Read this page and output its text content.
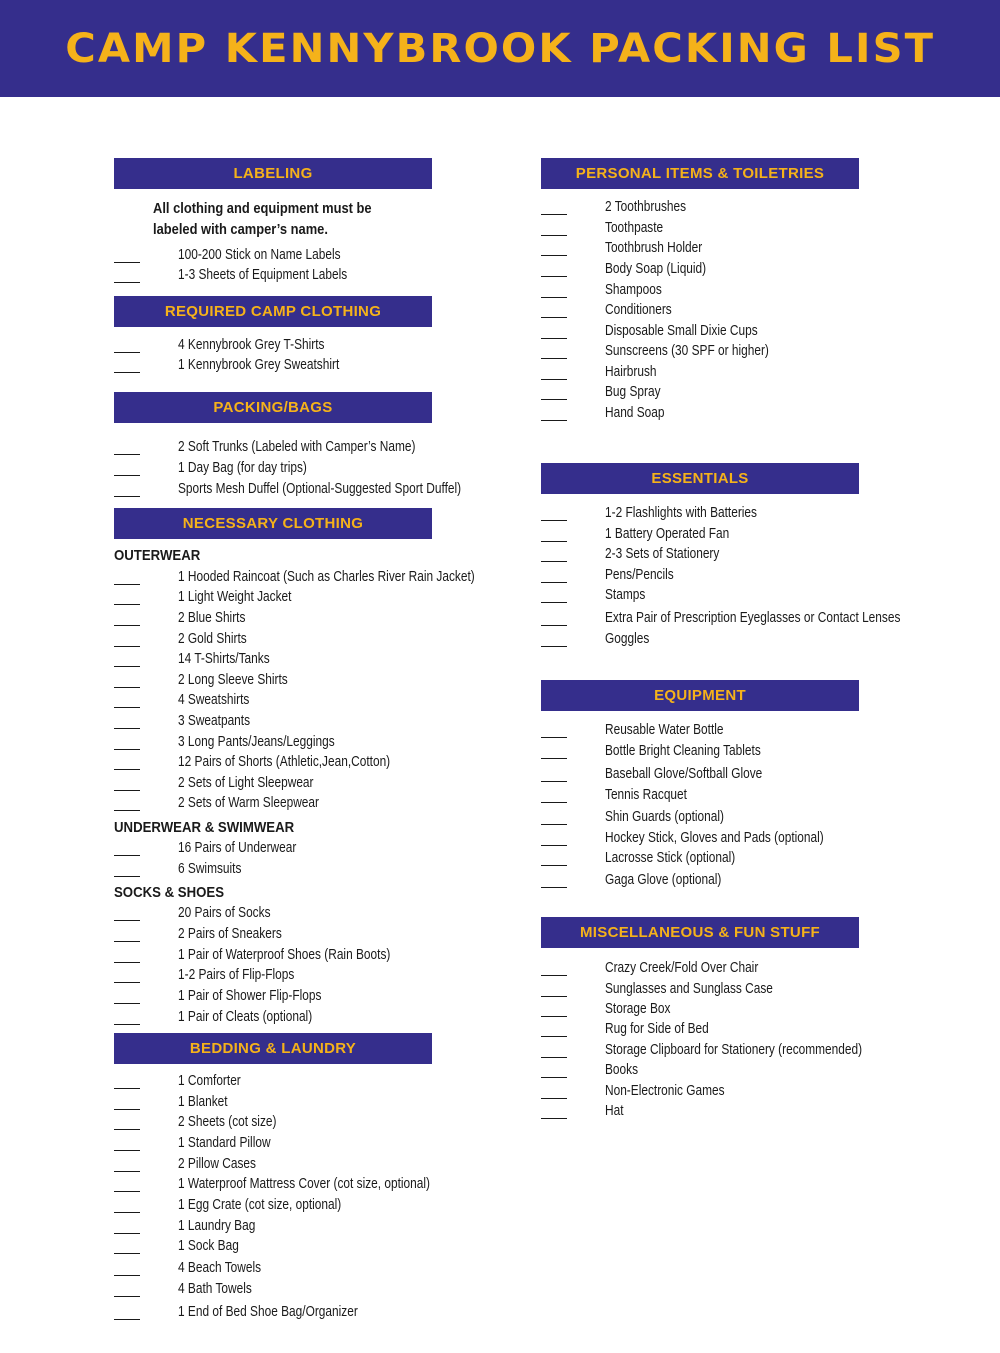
CAMP KENNYBROOK PACKING LIST
LABELING
All clothing and equipment must be labeled with camper’s name.
100-200 Stick on Name Labels
1-3 Sheets of Equipment Labels
REQUIRED CAMP CLOTHING
4 Kennybrook Grey T-Shirts
1 Kennybrook Grey Sweatshirt
PACKING/BAGS
2 Soft Trunks (Labeled with Camper’s Name)
1 Day Bag (for day trips)
Sports Mesh Duffel (Optional-Suggested Sport Duffel)
NECESSARY CLOTHING
OUTERWEAR
1 Hooded Raincoat (Such as Charles River Rain Jacket)
1 Light Weight Jacket
2 Blue Shirts
2 Gold Shirts
14 T-Shirts/Tanks
2 Long Sleeve Shirts
4 Sweatshirts
3 Sweatpants
3 Long Pants/Jeans/Leggings
12 Pairs of Shorts (Athletic,Jean,Cotton)
2 Sets of Light Sleepwear
2 Sets of Warm Sleepwear
UNDERWEAR & SWIMWEAR
16 Pairs of Underwear
6 Swimsuits
SOCKS & SHOES
20 Pairs of Socks
2 Pairs of Sneakers
1 Pair of Waterproof Shoes (Rain Boots)
1-2 Pairs of Flip-Flops
1 Pair of Shower Flip-Flops
1 Pair of Cleats (optional)
BEDDING & LAUNDRY
1 Comforter
1 Blanket
2 Sheets (cot size)
1 Standard Pillow
2 Pillow Cases
1 Waterproof Mattress Cover (cot size, optional)
1 Egg Crate (cot size, optional)
1 Laundry Bag
1 Sock Bag
4 Beach Towels
4 Bath Towels
1 End of Bed Shoe Bag/Organizer
PERSONAL ITEMS & TOILETRIES
2 Toothbrushes
Toothpaste
Toothbrush Holder
Body Soap (Liquid)
Shampoos
Conditioners
Disposable Small Dixie Cups
Sunscreens (30 SPF or higher)
Hairbrush
Bug Spray
Hand Soap
ESSENTIALS
1-2 Flashlights with Batteries
1 Battery Operated Fan
2-3 Sets of Stationery
Pens/Pencils
Stamps
Extra Pair of Prescription Eyeglasses or Contact Lenses
Goggles
EQUIPMENT
Reusable Water Bottle
Bottle Bright Cleaning Tablets
Baseball Glove/Softball Glove
Tennis Racquet
Shin Guards (optional)
Hockey Stick, Gloves and Pads (optional)
Lacrosse Stick (optional)
Gaga Glove (optional)
MISCELLANEOUS & FUN STUFF
Crazy Creek/Fold Over Chair
Sunglasses and Sunglass Case
Storage Box
Rug for Side of Bed
Storage Clipboard for Stationery (recommended)
Books
Non-Electronic Games
Hat
